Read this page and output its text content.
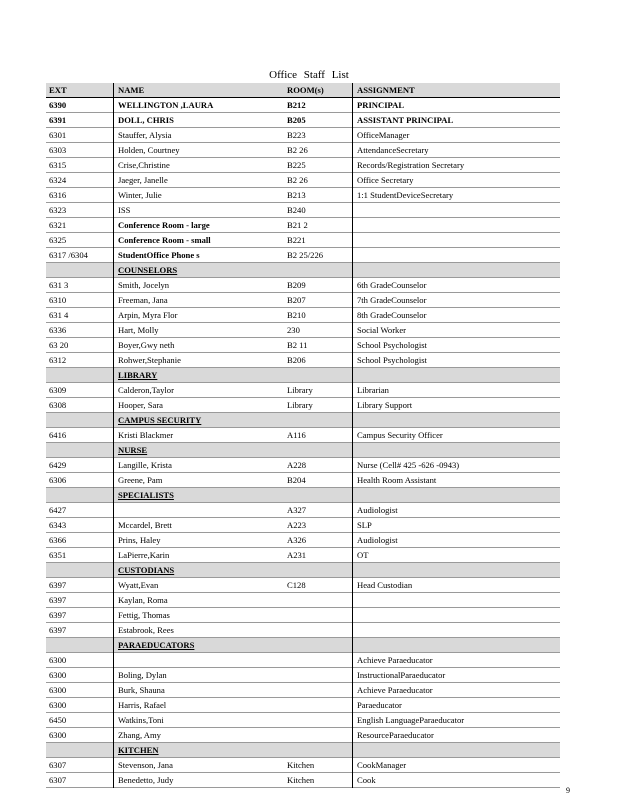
Office Staff List
EXT	NAME	ROOM(s)	ASSIGNMENT
6390	WELLINGTON ,LAURA	B212	PRINCIPAL
6391	DOLL, CHRIS	B205	ASSISTANT PRINCIPAL
6301	Stauffer, Alysia	B223	OfficeManager
6303	Holden, Courtney	B2 26	AttendanceSecretary
6315	Crise,Christine	B225	Records/Registration Secretary
6324	Jaeger, Janelle	B2 26	Office Secretary
6316	Winter, Julie	B213	1:1 StudentDeviceSecretary
6323	ISS	B240	
6321	Conference Room - large	B21 2	
6325	Conference Room - small	B221	
6317 /6304	StudentOffice Phone s	B2 25/226	
	COUNSELORS		
631 3	Smith, Jocelyn	B209	6th GradeCounselor
6310	Freeman, Jana	B207	7th GradeCounselor
631 4	Arpin, Myra Flor	B210	8th GradeCounselor
6336	Hart, Molly	230	Social Worker
63 20	Boyer,Gwy neth	B2 11	School Psychologist
6312	Rohwer,Stephanie	B206	School Psychologist
	LIBRARY		
6309	Calderon,Taylor	Library	Librarian
6308	Hooper, Sara	Library	Library Support
	CAMPUS SECURITY		
6416	Kristi Blackmer	A116	Campus Security Officer
	NURSE		
6429	Langille, Krista	A228	Nurse (Cell# 425 -626 -0943)
6306	Greene, Pam	B204	Health Room Assistant
	SPECIALISTS		
6427		A327	Audiologist
6343	Mccardel, Brett	A223	SLP
6366	Prins, Haley	A326	Audiologist
6351	LaPierre,Karin	A231	OT
	CUSTODIANS		
6397	Wyatt,Evan	C128	Head Custodian
6397	Kaylan, Roma		
6397	Fettig, Thomas		
6397	Estabrook, Rees		
	PARAEDUCATORS		
6300			Achieve Paraeducator
6300	Boling, Dylan		InstructionalParaeducator
6300	Burk, Shauna		Achieve Paraeducator
6300	Harris, Rafael		Paraeducator
6450	Watkins,Toni		English LanguageParaeducator
6300	Zhang, Amy		ResourceParaeducator
	KITCHEN		
6307	Stevenson, Jana	Kitchen	CookManager
6307	Benedetto, Judy	Kitchen	Cook
9
